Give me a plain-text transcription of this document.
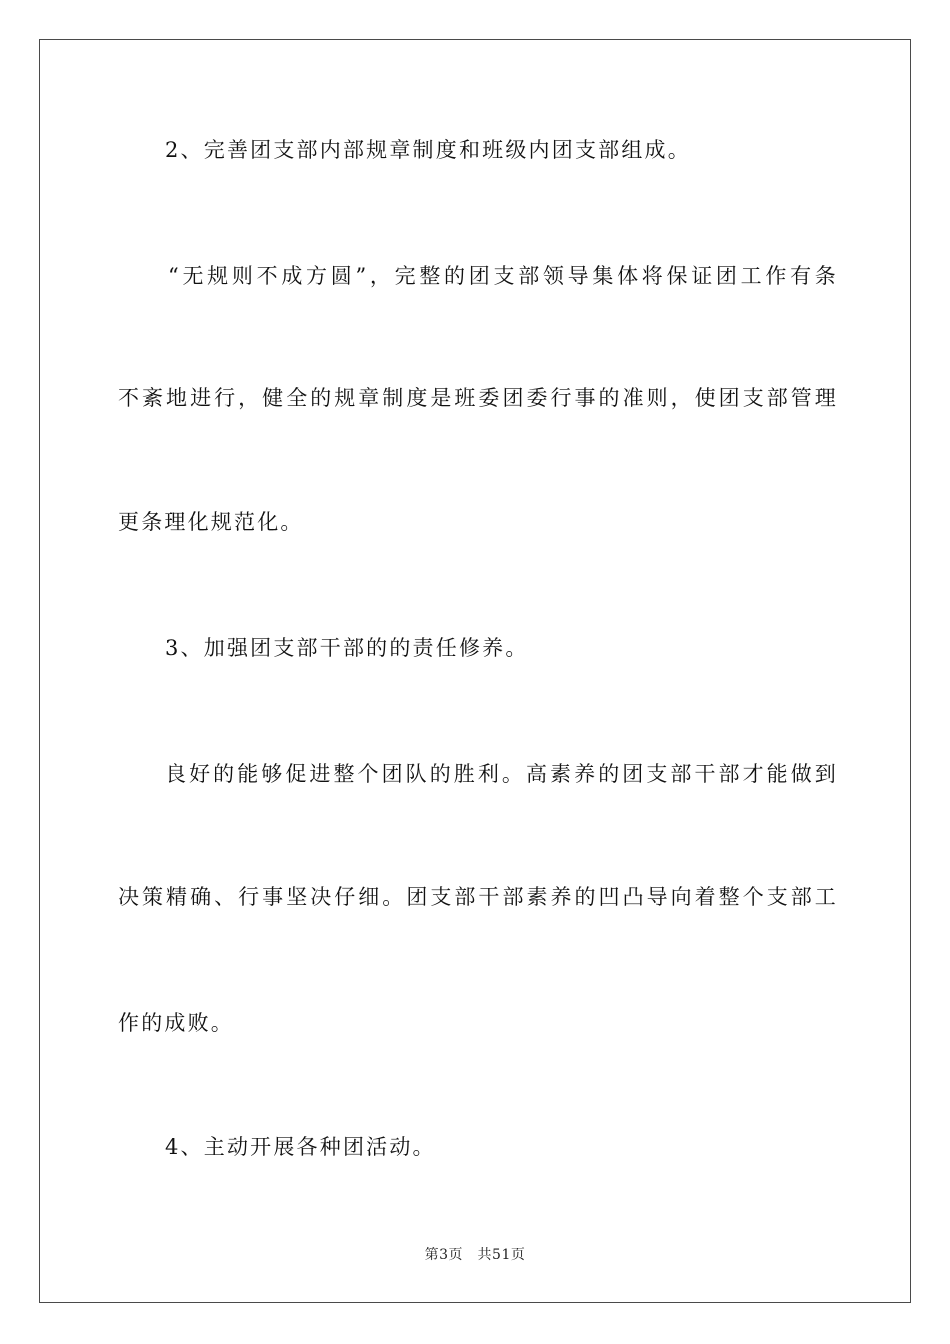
2、完善团支部内部规章制度和班级内团支部组成。
“无规则不成方圆”，完整的团支部领导集体将保证团工作有条
不紊地进行，健全的规章制度是班委团委行事的准则，使团支部管理
更条理化规范化。
3、加强团支部干部的的责任修养。
良好的能够促进整个团队的胜利。高素养的团支部干部才能做到
决策精确、行事坚决仔细。团支部干部素养的凹凸导向着整个支部工
作的成败。
4、主动开展各种团活动。
第3页　共51页
